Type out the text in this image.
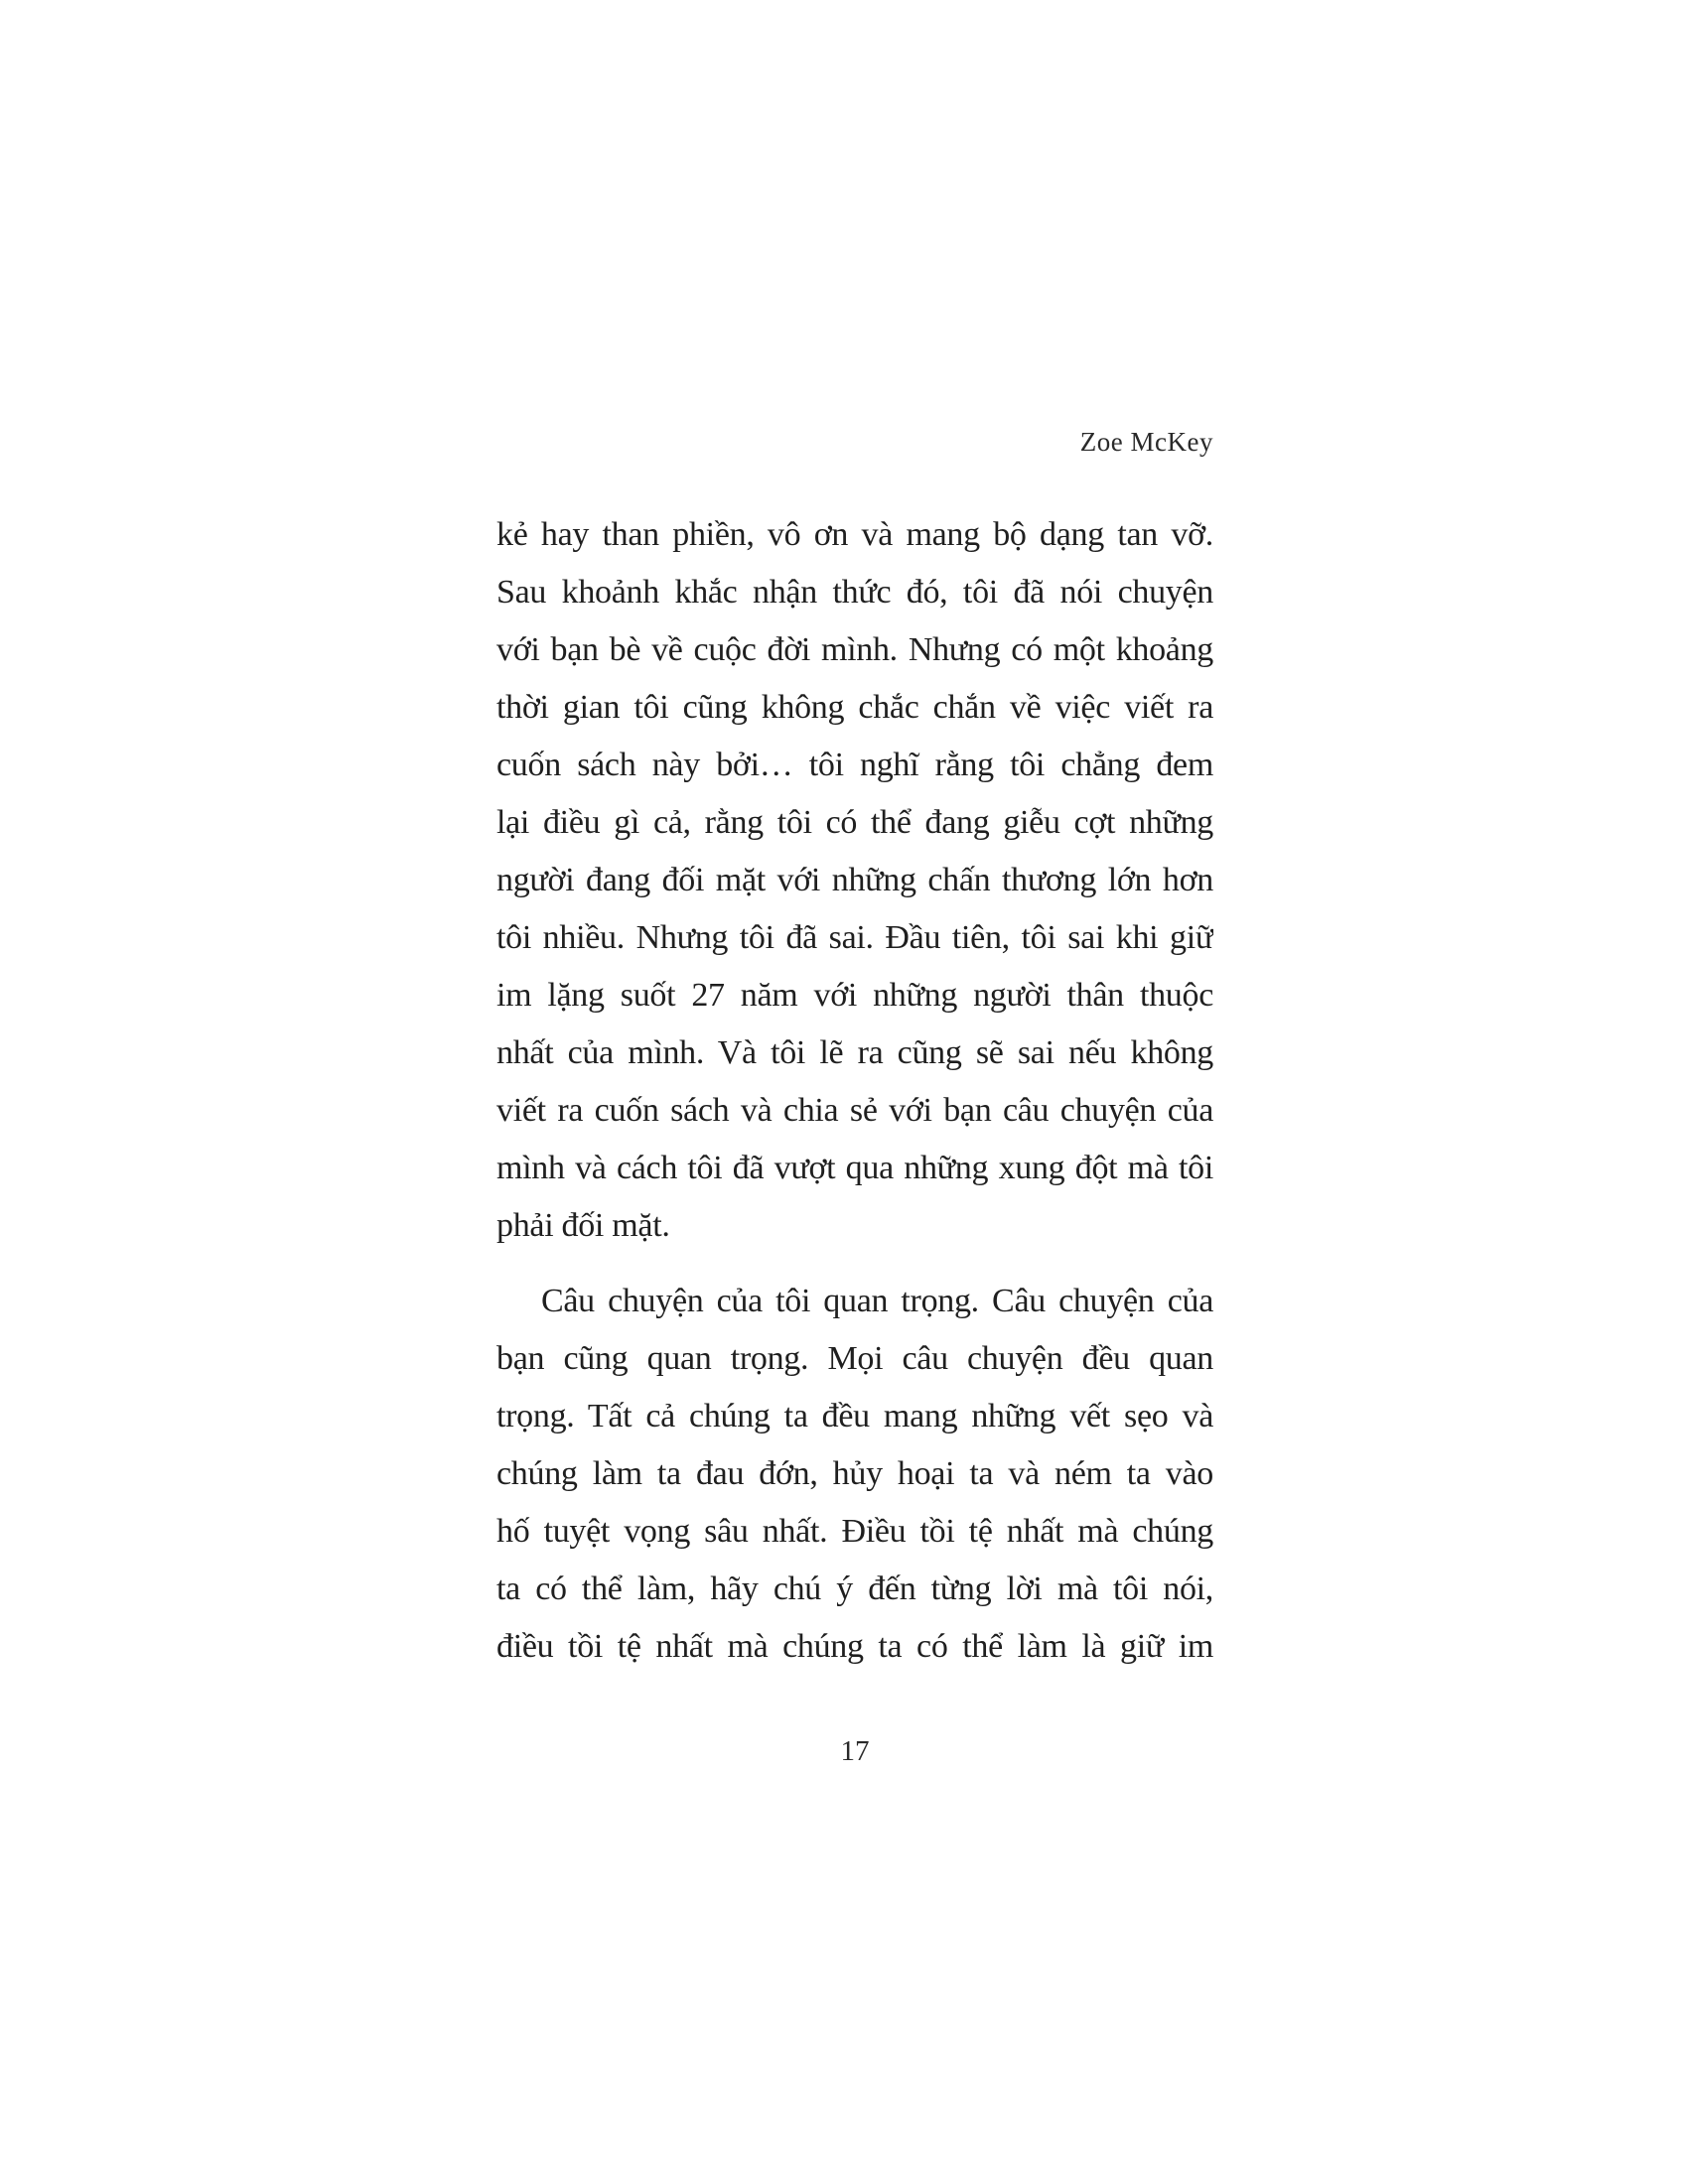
Zoe McKey
kẻ hay than phiền, vô ơn và mang bộ dạng tan vỡ.
Sau khoảnh khắc nhận thức đó, tôi đã nói chuyện
với bạn bè về cuộc đời mình. Nhưng có một khoảng
thời gian tôi cũng không chắc chắn về việc viết ra
cuốn sách này bởi… tôi nghĩ rằng tôi chẳng đem
lại điều gì cả, rằng tôi có thể đang giễu cợt những
người đang đối mặt với những chấn thương lớn hơn
tôi nhiều. Nhưng tôi đã sai. Đầu tiên, tôi sai khi giữ
im lặng suốt 27 năm với những người thân thuộc
nhất của mình. Và tôi lẽ ra cũng sẽ sai nếu không
viết ra cuốn sách và chia sẻ với bạn câu chuyện của
mình và cách tôi đã vượt qua những xung đột mà tôi
phải đối mặt.
Câu chuyện của tôi quan trọng. Câu chuyện của
bạn cũng quan trọng. Mọi câu chuyện đều quan
trọng. Tất cả chúng ta đều mang những vết sẹo và
chúng làm ta đau đớn, hủy hoại ta và ném ta vào
hố tuyệt vọng sâu nhất. Điều tồi tệ nhất mà chúng
ta có thể làm, hãy chú ý đến từng lời mà tôi nói,
điều tồi tệ nhất mà chúng ta có thể làm là giữ im
17
